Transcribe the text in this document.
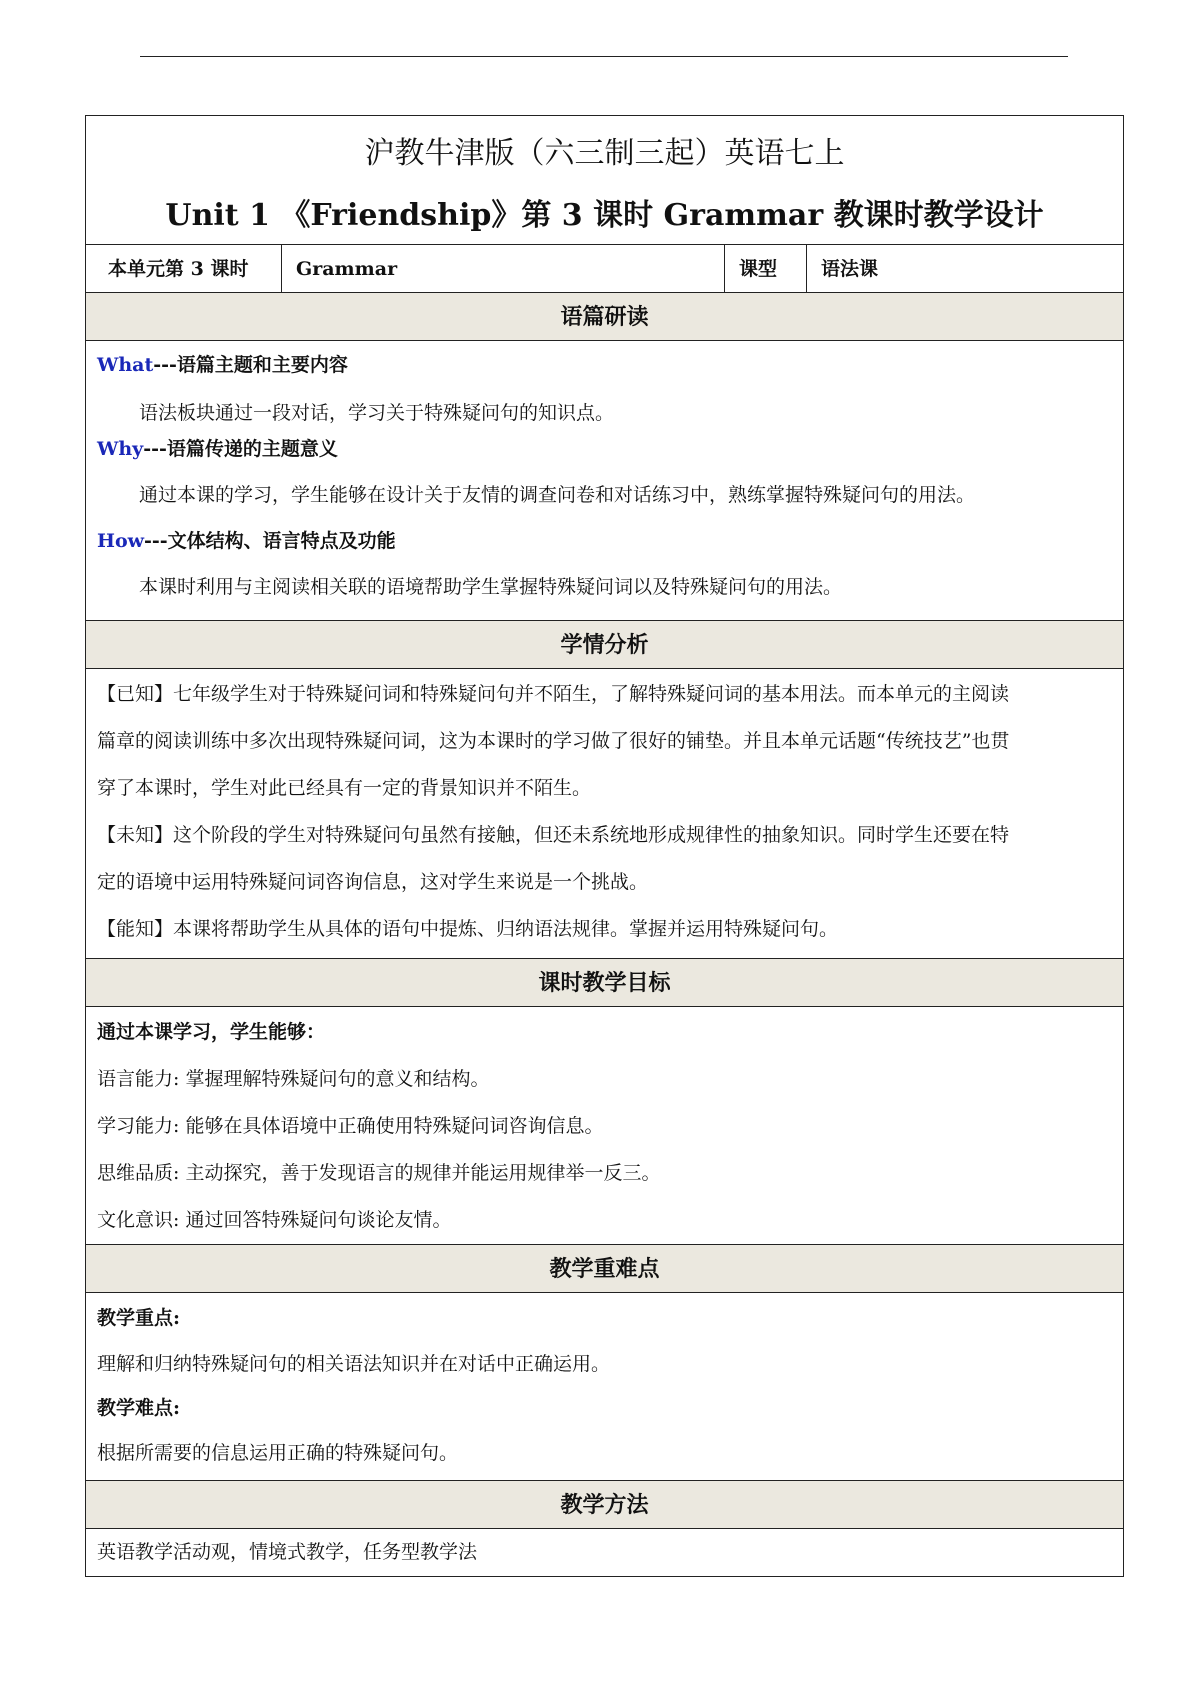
沪教牛津版（六三制三起）英语七上
Unit 1 《Friendship》第 3 课时 Grammar 教课时教学设计
本单元第 3 课时	Grammar	课型	语法课
语篇研读

What---语篇主题和主要内容

语法板块通过一段对话，学习关于特殊疑问句的知识点。

Why---语篇传递的主题意义

通过本课的学习，学生能够在设计关于友情的调查问卷和对话练习中，熟练掌握特殊疑问句的用法。

How---文体结构、语言特点及功能

本课时利用与主阅读相关联的语境帮助学生掌握特殊疑问词以及特殊疑问句的用法。

学情分析

【已知】七年级学生对于特殊疑问词和特殊疑问句并不陌生，了解特殊疑问词的基本用法。而本单元的主阅读

篇章的阅读训练中多次出现特殊疑问词，这为本课时的学习做了很好的铺垫。并且本单元话题“传统技艺”也贯

穿了本课时，学生对此已经具有一定的背景知识并不陌生。

【未知】这个阶段的学生对特殊疑问句虽然有接触，但还未系统地形成规律性的抽象知识。同时学生还要在特

定的语境中运用特殊疑问词咨询信息，这对学生来说是一个挑战。

【能知】本课将帮助学生从具体的语句中提炼、归纳语法规律。掌握并运用特殊疑问句。

课时教学目标

通过本课学习，学生能够：

语言能力: 掌握理解特殊疑问句的意义和结构。

学习能力: 能够在具体语境中正确使用特殊疑问词咨询信息。

思维品质: 主动探究，善于发现语言的规律并能运用规律举一反三。

文化意识: 通过回答特殊疑问句谈论友情。

教学重难点

教学重点:

理解和归纳特殊疑问句的相关语法知识并在对话中正确运用。

教学难点:

根据所需要的信息运用正确的特殊疑问句。

教学方法

英语教学活动观，情境式教学，任务型教学法
